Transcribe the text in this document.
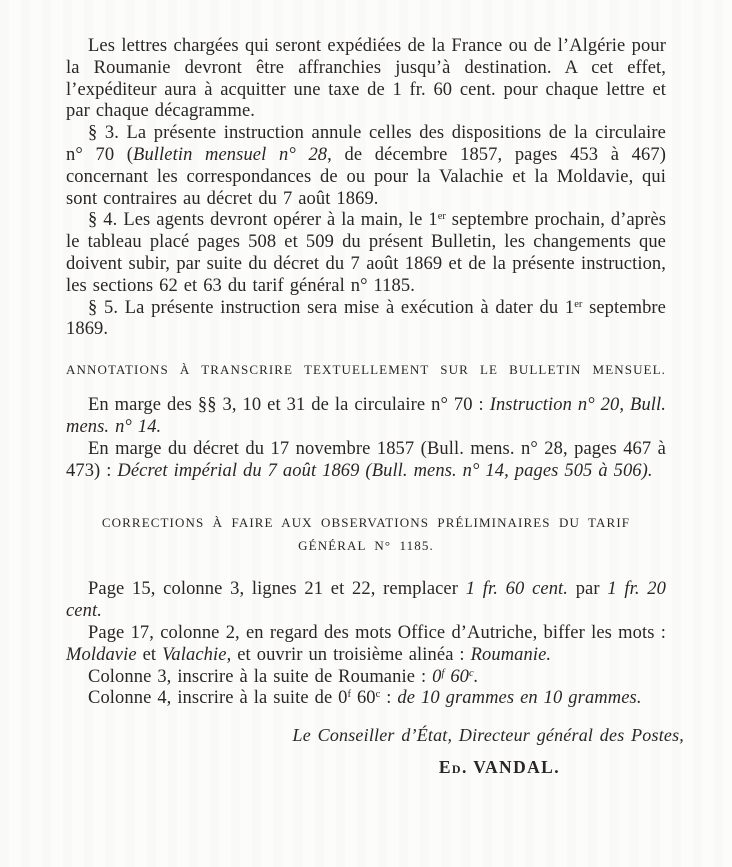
Les lettres chargées qui seront expédiées de la France ou de l’Algérie pour la Roumanie devront être affranchies jusqu’à destination. A cet effet, l’expéditeur aura à acquitter une taxe de 1 fr. 60 cent. pour chaque lettre et par chaque décagramme.

§ 3. La présente instruction annule celles des dispositions de la circulaire n° 70 (Bulletin mensuel n° 28, de décembre 1857, pages 453 à 467) concernant les correspondances de ou pour la Valachie et la Moldavie, qui sont contraires au décret du 7 août 1869.

§ 4. Les agents devront opérer à la main, le 1er septembre prochain, d’après le tableau placé pages 508 et 509 du présent Bulletin, les changements que doivent subir, par suite du décret du 7 août 1869 et de la présente instruction, les sections 62 et 63 du tarif général n° 1185.

§ 5. La présente instruction sera mise à exécution à dater du 1er septembre 1869.

ANNOTATIONS À TRANSCRIRE TEXTUELLEMENT SUR LE BULLETIN MENSUEL.

En marge des §§ 3, 10 et 31 de la circulaire n° 70 : Instruction n° 20, Bull. mens. n° 14.

En marge du décret du 17 novembre 1857 (Bull. mens. n° 28, pages 467 à 473) : Décret impérial du 7 août 1869 (Bull. mens. n° 14, pages 505 à 506).

CORRECTIONS À FAIRE AUX OBSERVATIONS PRÉLIMINAIRES DU TARIF GÉNÉRAL N° 1185.

Page 15, colonne 3, lignes 21 et 22, remplacer 1 fr. 60 cent. par 1 fr. 20 cent.

Page 17, colonne 2, en regard des mots Office d’Autriche, biffer les mots : Moldavie et Valachie, et ouvrir un troisième alinéa : Roumanie.

Colonne 3, inscrire à la suite de Roumanie : 0$^f$ 60$^c$.

Colonne 4, inscrire à la suite de 0$^f$ 60$^c$ : de 10 grammes en 10 grammes.

Le Conseiller d’État, Directeur général des Postes,

Ed. VANDAL.
